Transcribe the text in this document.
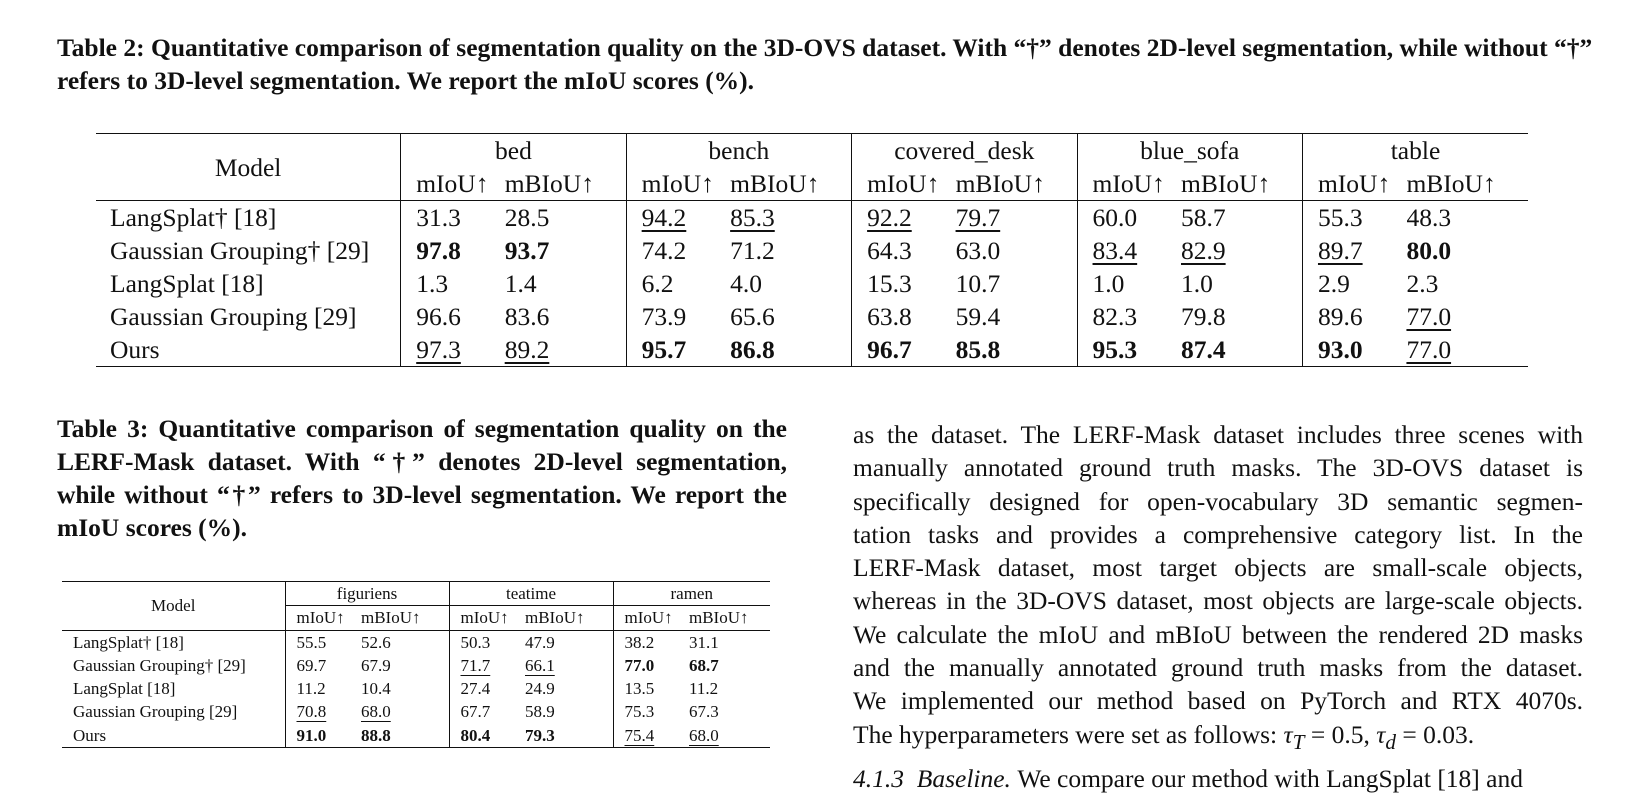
Table 2: Quantitative comparison of segmentation quality on the 3D-OVS dataset. With “†” denotes 2D-level segmentation, while without “†” refers to 3D-level segmentation. We report the mIoU scores (%).

Model	bed		bench		covered_desk		blue_sofa		table	
	mIoU↑	mBIoU↑	mIoU↑	mBIoU↑	mIoU↑	mBIoU↑	mIoU↑	mBIoU↑	mIoU↑	mBIoU↑
LangSplat† [18]	31.3	28.5	94.2	85.3	92.2	79.7	60.0	58.7	55.3	48.3
Gaussian Grouping† [29]	97.8	93.7	74.2	71.2	64.3	63.0	83.4	82.9	89.7	80.0
LangSplat [18]	1.3	1.4	6.2	4.0	15.3	10.7	1.0	1.0	2.9	2.3
Gaussian Grouping [29]	96.6	83.6	73.9	65.6	63.8	59.4	82.3	79.8	89.6	77.0
Ours	97.3	89.2	95.7	86.8	96.7	85.8	95.3	87.4	93.0	77.0

Table 3: Quantitative comparison of segmentation quality on the LERF-Mask dataset. With “†” denotes 2D-level segmentation, while without “†” refers to 3D-level segmentation. We report the mIoU scores (%).

Model	figuriens		teatime		ramen	
	mIoU↑	mBIoU↑	mIoU↑	mBIoU↑	mIoU↑	mBIoU↑
LangSplat† [18]	55.5	52.6	50.3	47.9	38.2	31.1
Gaussian Grouping† [29]	69.7	67.9	71.7	66.1	77.0	68.7
LangSplat [18]	11.2	10.4	27.4	24.9	13.5	11.2
Gaussian Grouping [29]	70.8	68.0	67.7	58.9	75.3	67.3
Ours	91.0	88.8	80.4	79.3	75.4	68.0
as the dataset. The LERF-Mask dataset includes three scenes with
manually annotated ground truth masks. The 3D-OVS dataset is
specifically designed for open-vocabulary 3D semantic segmen-
tation tasks and provides a comprehensive category list. In the
LERF-Mask dataset, most target objects are small-scale objects,
whereas in the 3D-OVS dataset, most objects are large-scale objects.
We calculate the mIoU and mBIoU between the rendered 2D masks
and the manually annotated ground truth masks from the dataset.
We implemented our method based on PyTorch and RTX 4070s.
The hyperparameters were set as follows: $\tau_T = 0.5$, $\tau_d = 0.03$.
4.1.3 Baseline. We compare our method with LangSplat [18] and
